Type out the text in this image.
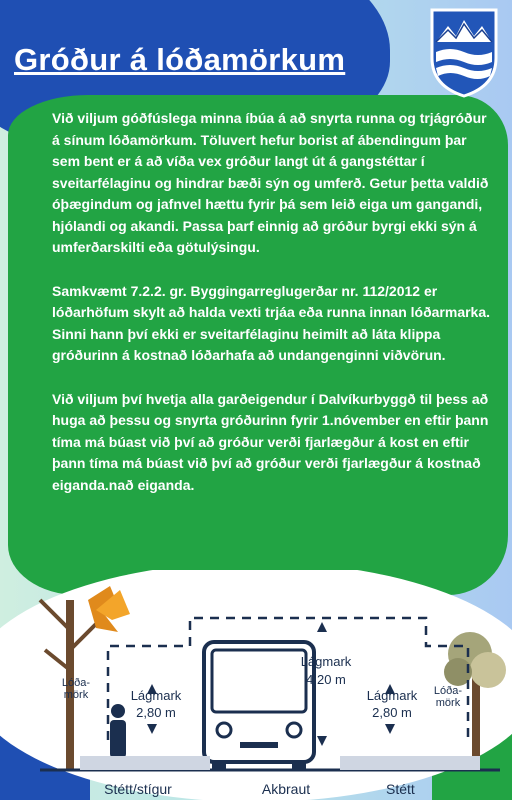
Gróður á lóðamörkum

Við viljum góðfúslega minna íbúa á að snyrta runna og trjágróður á sínum lóðamörkum. Töluvert hefur borist af ábendingum þar sem bent er á að víða vex gróður langt út á gangstéttar í sveitarfélaginu og hindrar bæði sýn og umferð. Getur þetta valdið óþægindum og jafnvel hættu fyrir þá sem leið eiga um gangandi, hjólandi og akandi. Passa þarf einnig að gróður byrgi ekki sýn á umferðarskilti eða götulýsingu.

Samkvæmt 7.2.2. gr. Byggingarreglugerðar nr. 112/2012 er lóðarhöfum skylt að halda vexti trjáa eða runna innan lóðarmarka. Sinni hann því ekki er sveitarfélaginu heimilt að láta klippa gróðurinn á kostnað lóðarhafa að undangenginni viðvörun.

Við viljum því hvetja alla garðeigendur í Dalvíkurbyggð til þess að huga að þessu og snyrta gróðurinn fyrir 1.nóvember en eftir þann tíma má búast við því að gróður verði fjarlægður á kost en eftir þann tíma má búast við því að gróður verði fjarlægður á kostnað eiganda.nað eiganda.

Lóða-
mörk	Lágmark
2,80 m
Lágmark
4,20 m
Lágmark
2,80 m
Lóða-
mörk
Stétt/stígur	Akbraut	Stétt
